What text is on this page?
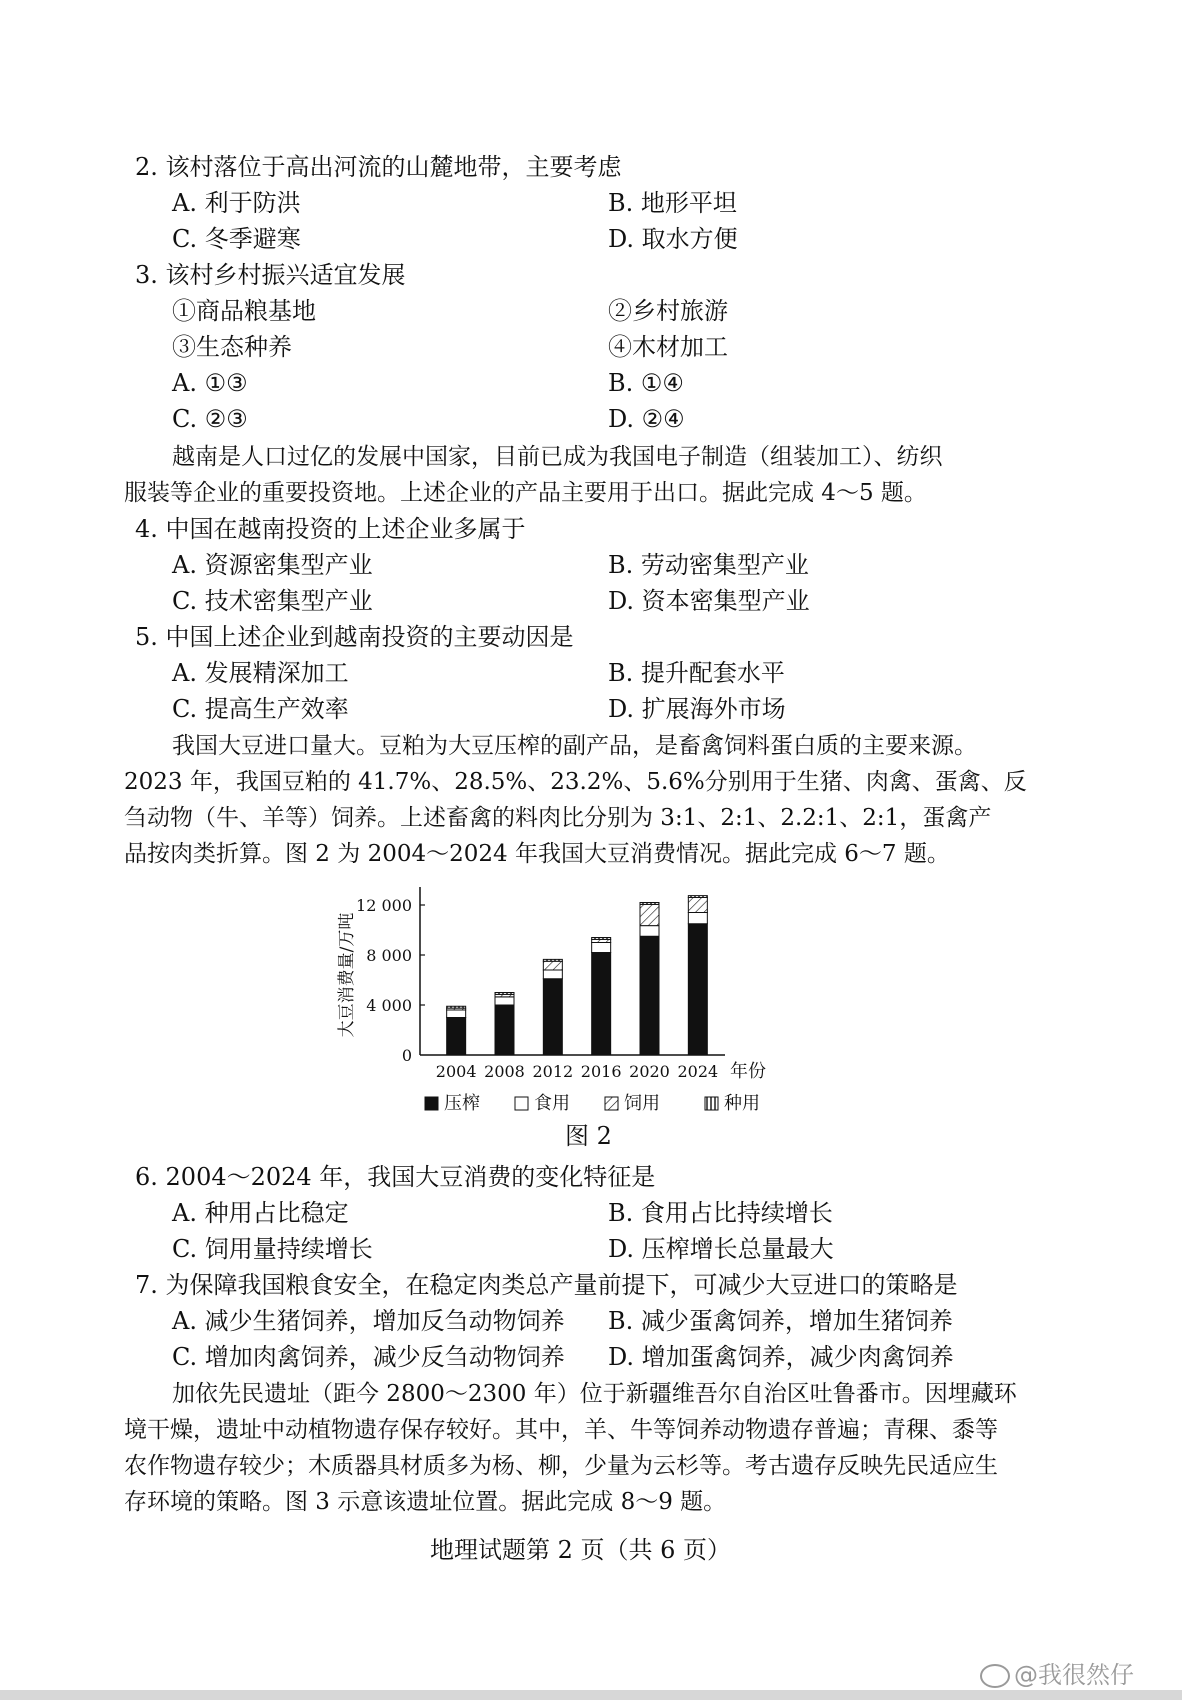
2. 该村落位于高出河流的山麓地带，主要考虑
A. 利于防洪	B. 地形平坦
C. 冬季避寒	D. 取水方便
3. 该村乡村振兴适宜发展
①商品粮基地	②乡村旅游
③生态种养	④木材加工
A. ①③	B. ①④
C. ②③	D. ②④
越南是人口过亿的发展中国家，目前已成为我国电子制造（组装加工）、纺织
服装等企业的重要投资地。上述企业的产品主要用于出口。据此完成 4～5 题。
4. 中国在越南投资的上述企业多属于
A. 资源密集型产业	B. 劳动密集型产业
C. 技术密集型产业	D. 资本密集型产业
5. 中国上述企业到越南投资的主要动因是
A. 发展精深加工	B. 提升配套水平
C. 提高生产效率	D. 扩展海外市场
我国大豆进口量大。豆粕为大豆压榨的副产品，是畜禽饲料蛋白质的主要来源。
2023 年，我国豆粕的 41.7%、28.5%、23.2%、5.6%分别用于生猪、肉禽、蛋禽、反
刍动物（牛、羊等）饲养。上述畜禽的料肉比分别为 3:1、2:1、2.2:1、2:1，蛋禽产
品按肉类折算。图 2 为 2004～2024 年我国大豆消费情况。据此完成 6～7 题。
0
4 000
8 000
12 000
大豆消费量/万吨
2004 2008 2012 2016 2020 2024 年份
压榨	食用	饲用	种用
图 2
6. 2004～2024 年，我国大豆消费的变化特征是
A. 种用占比稳定	B. 食用占比持续增长
C. 饲用量持续增长	D. 压榨增长总量最大
7. 为保障我国粮食安全，在稳定肉类总产量前提下，可减少大豆进口的策略是
A. 减少生猪饲养，增加反刍动物饲养 B. 减少蛋禽饲养，增加生猪饲养
C. 增加肉禽饲养，减少反刍动物饲养 D. 增加蛋禽饲养，减少肉禽饲养
加依先民遗址（距今 2800～2300 年）位于新疆维吾尔自治区吐鲁番市。因埋藏环
境干燥，遗址中动植物遗存保存较好。其中，羊、牛等饲养动物遗存普遍；青稞、黍等
农作物遗存较少；木质器具材质多为杨、柳，少量为云杉等。考古遗存反映先民适应生
存环境的策略。图 3 示意该遗址位置。据此完成 8～9 题。
地理试题第 2 页（共 6 页）
@我很然仔
